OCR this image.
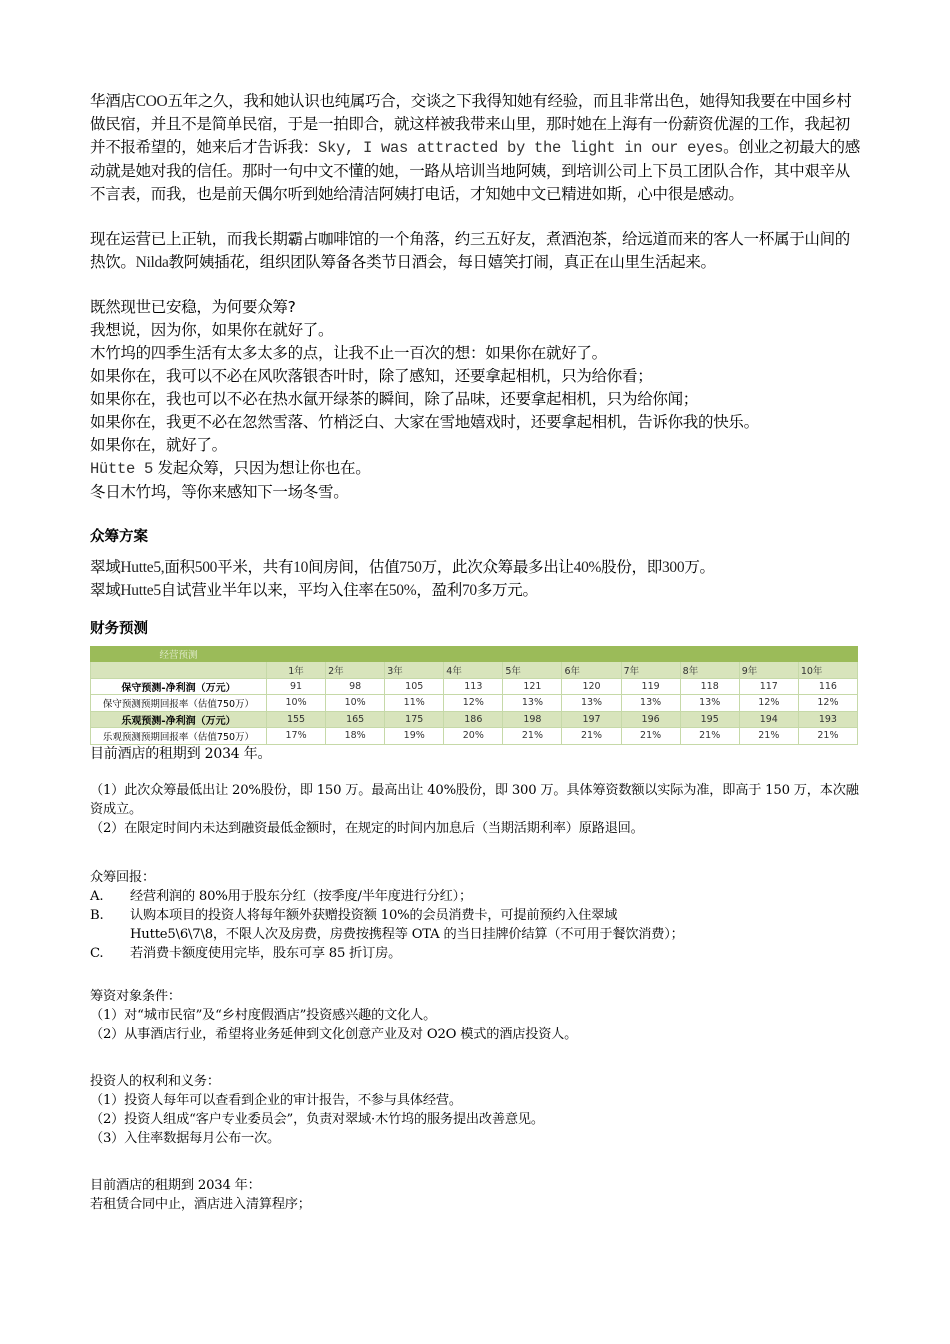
华酒店COO五年之久，我和她认识也纯属巧合，交谈之下我得知她有经验，而且非常出色，她得知我要在中国乡村做民宿，并且不是简单民宿，于是一拍即合，就这样被我带来山里，那时她在上海有一份薪资优渥的工作，我起初并不报希望的，她来后才告诉我：Sky, I was attracted by the light in our eyes。创业之初最大的感动就是她对我的信任。那时一句中文不懂的她，一路从培训当地阿姨，到培训公司上下员工团队合作，其中艰辛从不言表，而我，也是前天偶尔听到她给清洁阿姨打电话，才知她中文已精进如斯，心中很是感动。

现在运营已上正轨，而我长期霸占咖啡馆的一个角落，约三五好友，煮酒泡茶，给远道而来的客人一杯属于山间的热饮。Nilda教阿姨插花，组织团队筹备各类节日酒会，每日嬉笑打闹，真正在山里生活起来。

既然现世已安稳，为何要众筹?

我想说，因为你，如果你在就好了。

木竹坞的四季生活有太多太多的点，让我不止一百次的想：如果你在就好了。

如果你在，我可以不必在风吹落银杏叶时，除了感知，还要拿起相机，只为给你看；

如果你在，我也可以不必在热水氤开绿茶的瞬间，除了品味，还要拿起相机，只为给你闻；

如果你在，我更不必在忽然雪落、竹梢泛白、大家在雪地嬉戏时，还要拿起相机，告诉你我的快乐。

如果你在，就好了。

Hütte 5 发起众筹，只因为想让你也在。

冬日木竹坞，等你来感知下一场冬雪。

众筹方案

翠域Hutte5,面积500平米，共有10间房间，估值750万，此次众筹最多出让40%股份，即300万。

翠域Hutte5自试营业半年以来，平均入住率在50%，盈利70多万元。

财务预测

经营预测										
	1年	2年	3年	4年	5年	6年	7年	8年	9年	10年
保守预测-净利润（万元）	91	98	105	113	121	120	119	118	117	116
保守预测预期回报率（估值750万）	10%	10%	11%	12%	13%	13%	13%	13%	12%	12%
乐观预测-净利润（万元）	155	165	175	186	198	197	196	195	194	193
乐观预测预期回报率（估值750万）	17%	18%	19%	20%	21%	21%	21%	21%	21%	21%

目前酒店的租期到 2034 年。

（1）此次众筹最低出让 20%股份，即 150 万。最高出让 40%股份，即 300 万。具体筹资数额以实际为准，即高于 150 万，本次融资成立。

（2）在限定时间内未达到融资最低金额时，在规定的时间内加息后（当期活期利率）原路退回。

众筹回报：

A.	经营利润的 80%用于股东分红（按季度/半年度进行分红）；
B.	认购本项目的投资人将每年额外获赠投资额 10%的会员消费卡，可提前预约入住翠域

Hutte5\6\7\8，不限人次及房费，房费按携程等 OTA 的当日挂牌价结算（不可用于餐饮消费）；

C.	若消费卡额度使用完毕，股东可享 85 折订房。

筹资对象条件：

（1）对“城市民宿”及“乡村度假酒店”投资感兴趣的文化人。

（2）从事酒店行业，希望将业务延伸到文化创意产业及对 O2O 模式的酒店投资人。

投资人的权利和义务：

（1）投资人每年可以查看到企业的审计报告，不参与具体经营。

（2）投资人组成“客户专业委员会”，负责对翠域·木竹坞的服务提出改善意见。

（3）入住率数据每月公布一次。

目前酒店的租期到 2034 年：

若租赁合同中止，酒店进入清算程序；
